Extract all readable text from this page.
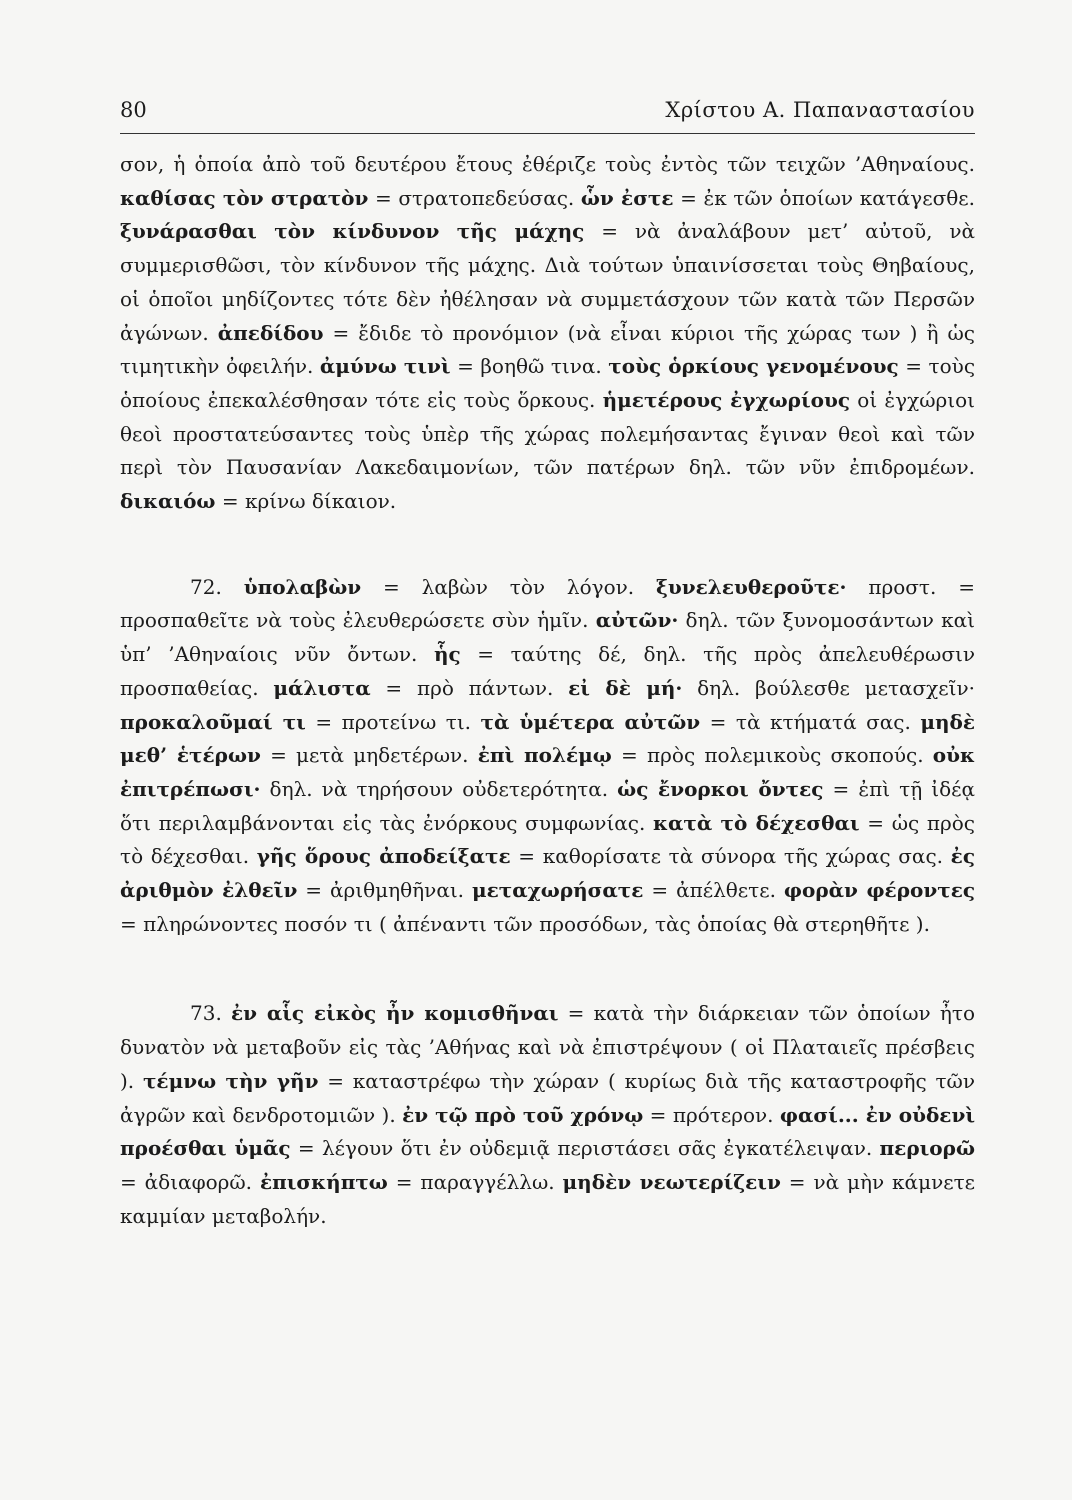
80	Χρίστου Α. Παπαναστασίου

σον, ἡ ὁποία ἀπὸ τοῦ δευτέρου ἔτους ἐθέριζε τοὺς ἐντὸς τῶν τειχῶν ’Αθηναίους. καθίσας τὸν στρατὸν = στρατοπεδεύσας. ὧν ἐστε = ἐκ τῶν ὁποίων κατάγεσθε. ξυνάρασθαι τὸν κίνδυνον τῆς μάχης = νὰ ἀναλάβουν μετ’ αὐτοῦ, νὰ συμμερισθῶσι, τὸν κίνδυνον τῆς μάχης. Διὰ τούτων ὑπαινίσσεται τοὺς Θηβαίους, οἱ ὁποῖοι μηδίζοντες τότε δὲν ἠθέλησαν νὰ συμμετάσχουν τῶν κατὰ τῶν Περσῶν ἀγώνων. ἀπεδίδου = ἔδιδε τὸ προνόμιον (νὰ εἶναι κύριοι τῆς χώρας των ) ἢ ὡς τιμητικὴν ὀφειλήν. ἀμύνω τινὶ = βοηθῶ τινα. τοὺς ὁρκίους γενομένους = τοὺς ὁποίους ἐπεκαλέσθησαν τότε εἰς τοὺς ὅρκους. ἡμετέρους ἐγχωρίους οἱ ἐγχώριοι θεοὶ προστατεύσαντες τοὺς ὑπὲρ τῆς χώρας πολεμήσαντας ἔγιναν θεοὶ καὶ τῶν περὶ τὸν Παυσανίαν Λακεδαιμονίων, τῶν πατέρων δηλ. τῶν νῦν ἐπιδρομέων. δικαιόω = κρίνω δίκαιον.

72. ὑπολαβὼν = λαβὼν τὸν λόγον. ξυνελευθεροῦτε· προστ. = προσπαθεῖτε νὰ τοὺς ἐλευθερώσετε σὺν ἡμῖν. αὐτῶν· δηλ. τῶν ξυνομοσάντων καὶ ὑπ’ ’Αθηναίοις νῦν ὄντων. ἧς = ταύτης δέ, δηλ. τῆς πρὸς ἀπελευθέρωσιν προσπαθείας. μάλιστα = πρὸ πάντων. εἰ δὲ μή· δηλ. βούλεσθε μετασχεῖν· προκαλοῦμαί τι = προτείνω τι. τὰ ὑμέτερα αὐτῶν = τὰ κτήματά σας. μηδὲ μεθ’ ἑτέρων = μετὰ μηδετέρων. ἐπὶ πολέμῳ = πρὸς πολεμικοὺς σκοπούς. οὐκ ἐπιτρέπωσι· δηλ. νὰ τηρήσουν οὐδετερότητα. ὡς ἔνορκοι ὄντες = ἐπὶ τῇ ἰδέᾳ ὅτι περιλαμβάνονται εἰς τὰς ἐνόρκους συμφωνίας. κατὰ τὸ δέχεσθαι = ὡς πρὸς τὸ δέχεσθαι. γῆς ὅρους ἀποδείξατε = καθορίσατε τὰ σύνορα τῆς χώρας σας. ἐς ἀριθμὸν ἐλθεῖν = ἀριθμηθῆναι. μεταχωρήσατε = ἀπέλθετε. φορὰν φέροντες = πληρώνοντες ποσόν τι ( ἀπέναντι τῶν προσόδων, τὰς ὁποίας θὰ στερηθῆτε ).

73. ἐν αἷς εἰκὸς ἦν κομισθῆναι = κατὰ τὴν διάρκειαν τῶν ὁποίων ἦτο δυνατὸν νὰ μεταβοῦν εἰς τὰς ’Αθήνας καὶ νὰ ἐπιστρέψουν ( οἱ Πλαταιεῖς πρέσβεις ). τέμνω τὴν γῆν = καταστρέφω τὴν χώραν ( κυρίως διὰ τῆς καταστροφῆς τῶν ἀγρῶν καὶ δενδροτομιῶν ). ἐν τῷ πρὸ τοῦ χρόνῳ = πρότερον. φασί... ἐν οὐδενὶ προέσθαι ὑμᾶς = λέγουν ὅτι ἐν οὐδεμιᾷ περιστάσει σᾶς ἐγκατέλειψαν. περιορῶ = ἀδιαφορῶ. ἐπισκήπτω = παραγγέλλω. μηδὲν νεωτερίζειν = νὰ μὴν κάμνετε καμμίαν μεταβολήν.
